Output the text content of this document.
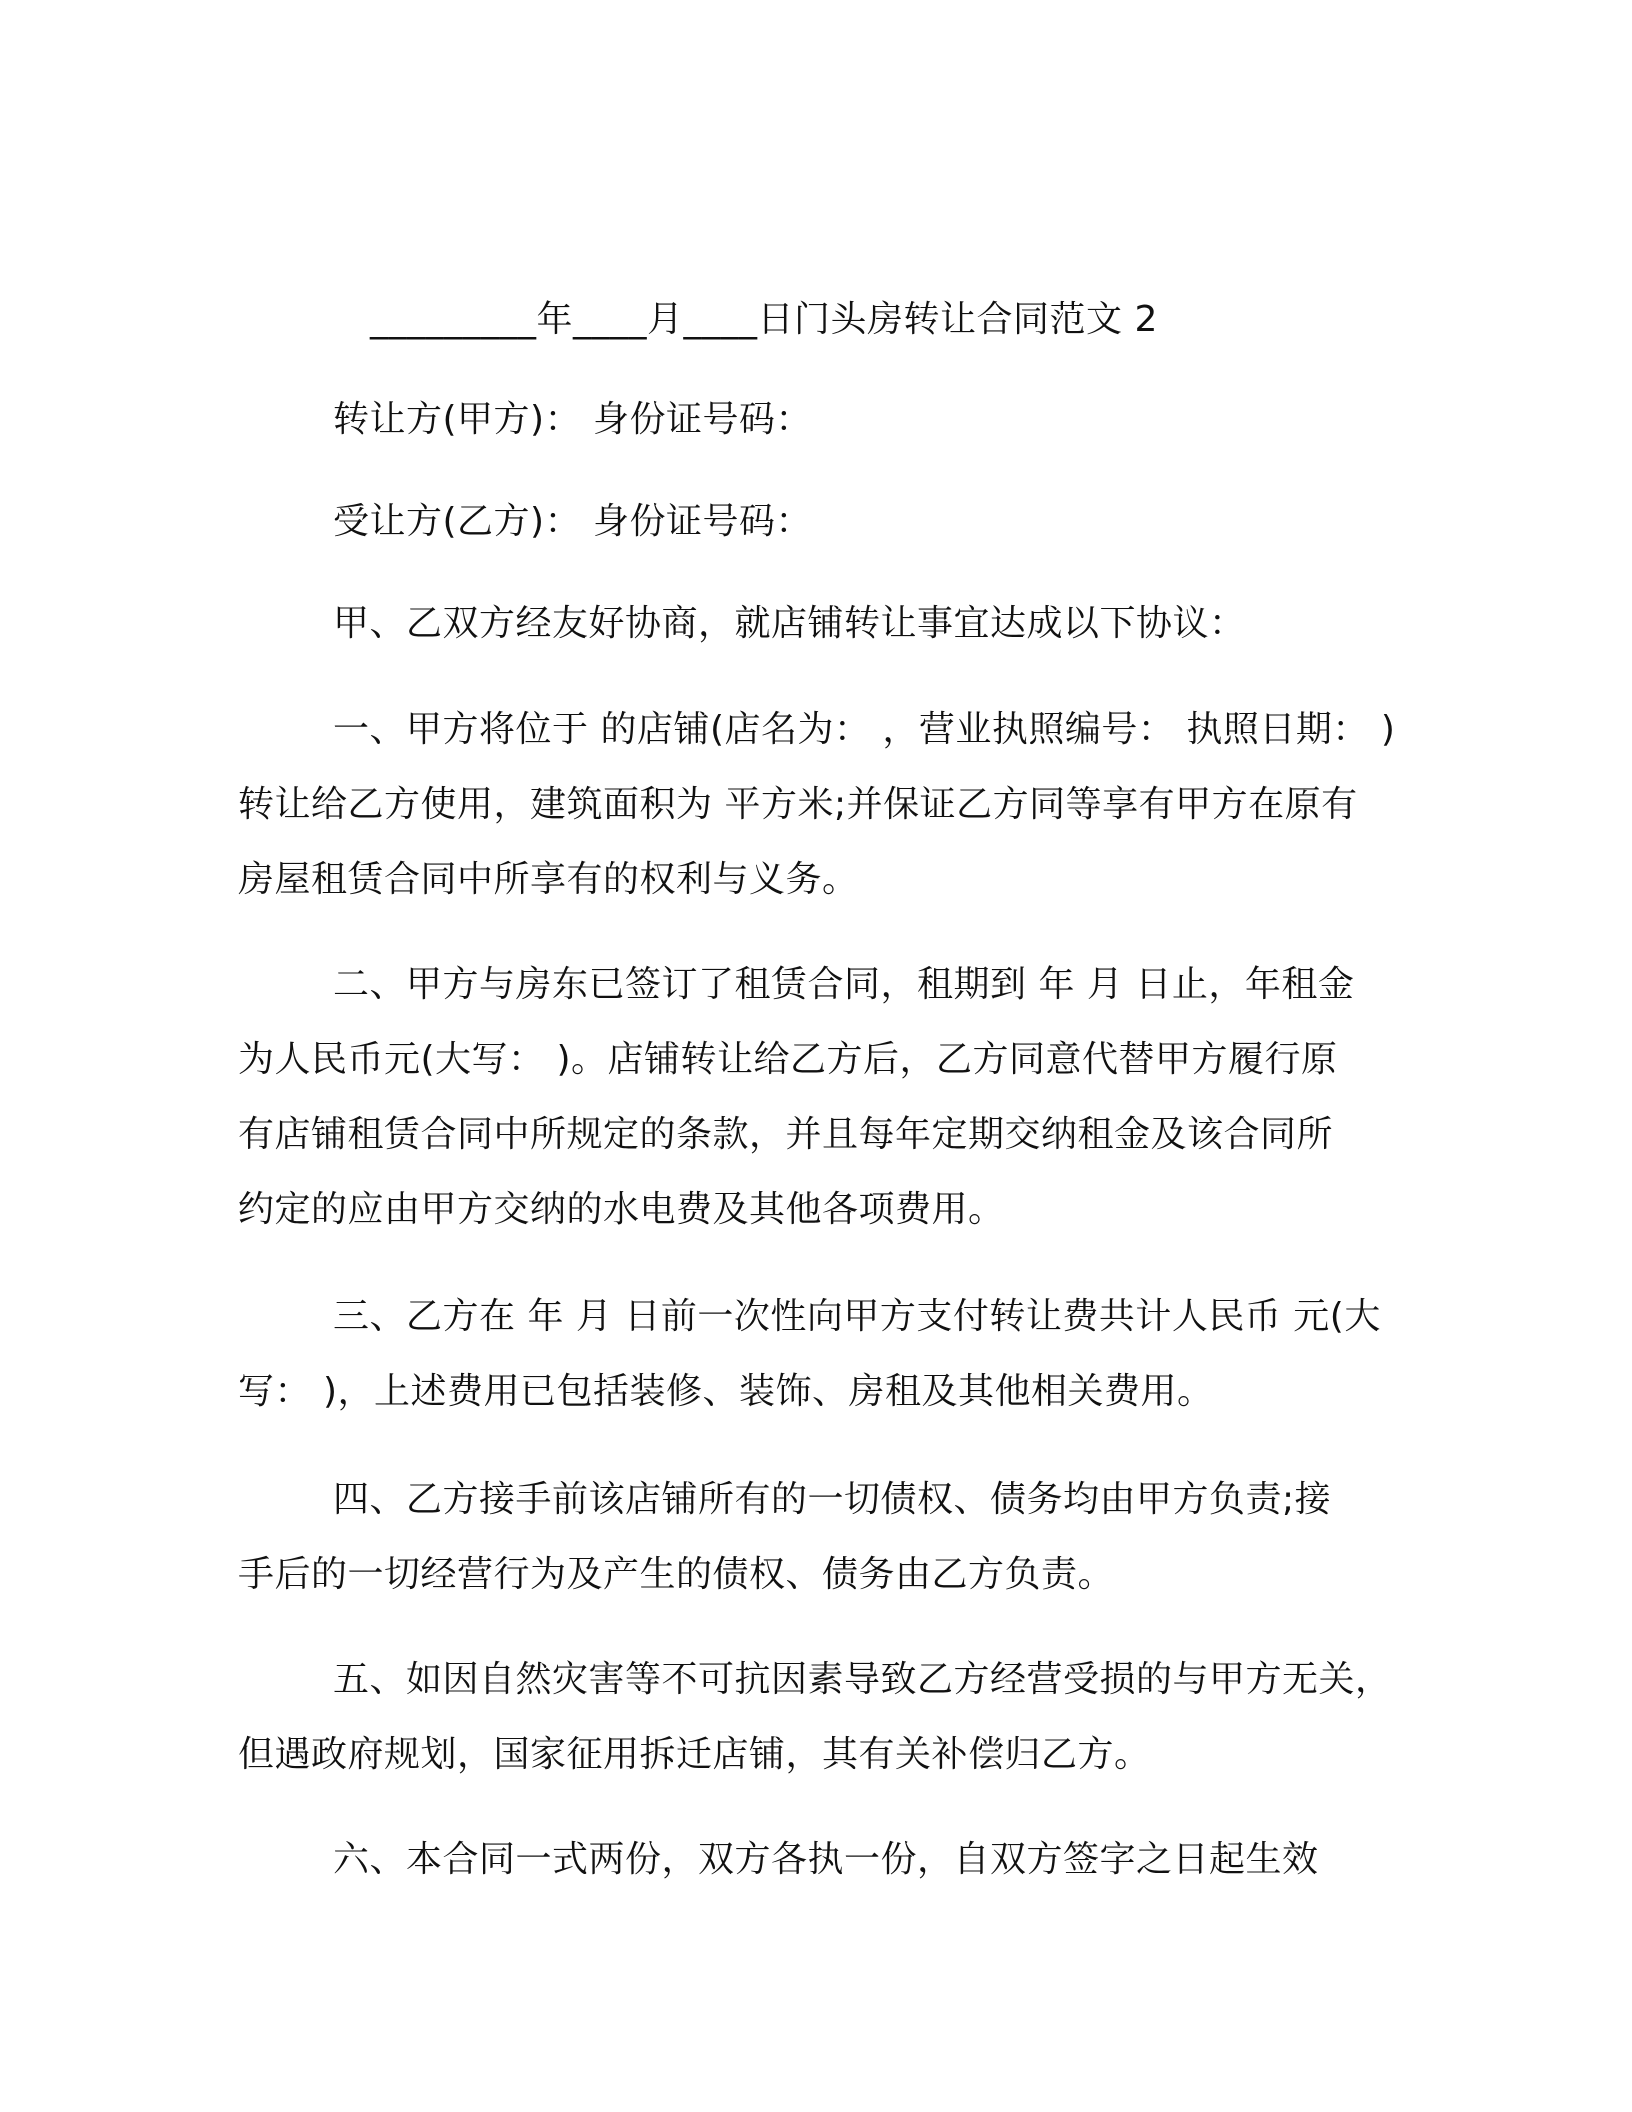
_________年____月____日门头房转让合同范文 2
转让方(甲方)： 身份证号码：
受让方(乙方)： 身份证号码：
甲、乙双方经友好协商，就店铺转让事宜达成以下协议：
一、甲方将位于 的店铺(店名为： ，营业执照编号： 执照日期： )
转让给乙方使用，建筑面积为 平方米;并保证乙方同等享有甲方在原有
房屋租赁合同中所享有的权利与义务。
二、甲方与房东已签订了租赁合同，租期到 年 月 日止，年租金
为人民币元(大写： )。店铺转让给乙方后，乙方同意代替甲方履行原
有店铺租赁合同中所规定的条款，并且每年定期交纳租金及该合同所
约定的应由甲方交纳的水电费及其他各项费用。
三、乙方在 年 月 日前一次性向甲方支付转让费共计人民币 元(大
写： )，上述费用已包括装修、装饰、房租及其他相关费用。
四、乙方接手前该店铺所有的一切债权、债务均由甲方负责;接
手后的一切经营行为及产生的债权、债务由乙方负责。
五、如因自然灾害等不可抗因素导致乙方经营受损的与甲方无关，
但遇政府规划，国家征用拆迁店铺，其有关补偿归乙方。
六、本合同一式两份，双方各执一份，自双方签字之日起生效
